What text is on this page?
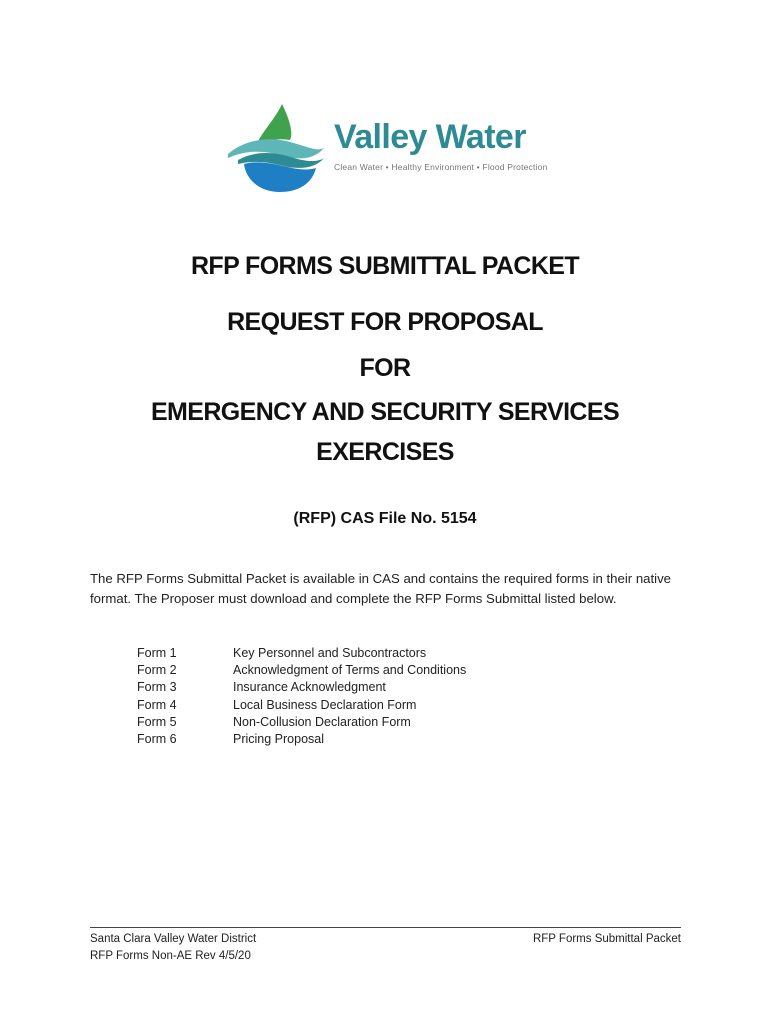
Valley Water
Clean Water • Healthy Environment • Flood Protection
RFP FORMS SUBMITTAL PACKET
REQUEST FOR PROPOSAL
FOR
EMERGENCY AND SECURITY SERVICES
EXERCISES
(RFP) CAS File No. 5154
The RFP Forms Submittal Packet is available in CAS and contains the required forms in their native format. The Proposer must download and complete the RFP Forms Submittal listed below.
Form 1	Key Personnel and Subcontractors
Form 2	Acknowledgment of Terms and Conditions
Form 3	Insurance Acknowledgment
Form 4	Local Business Declaration Form
Form 5	Non-Collusion Declaration Form
Form 6	Pricing Proposal
Santa Clara Valley Water District
RFP Forms Non-AE Rev 4/5/20
RFP Forms Submittal Packet
